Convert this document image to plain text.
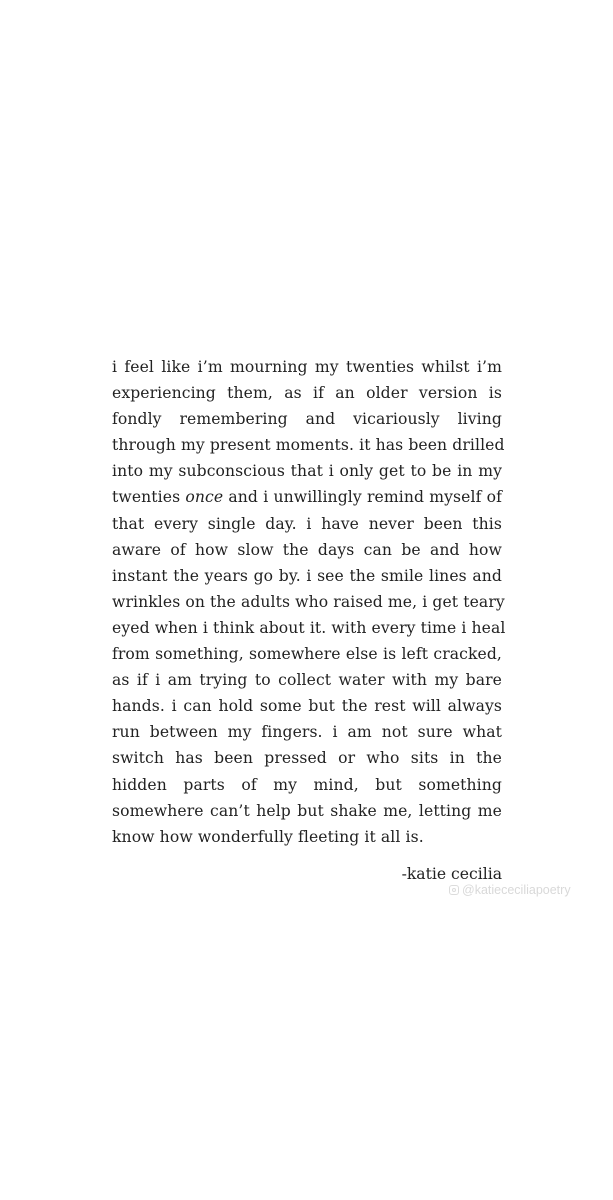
i feel like i’m mourning my twenties whilst i’m
experiencing them, as if an older version is
fondly remembering and vicariously living
through my present moments. it has been drilled
into my subconscious that i only get to be in my
twenties once and i unwillingly remind myself of
that every single day. i have never been this
aware of how slow the days can be and how
instant the years go by. i see the smile lines and
wrinkles on the adults who raised me, i get teary
eyed when i think about it. with every time i heal
from something, somewhere else is left cracked,
as if i am trying to collect water with my bare
hands. i can hold some but the rest will always
run between my fingers. i am not sure what
switch has been pressed or who sits in the
hidden parts of my mind, but something
somewhere can’t help but shake me, letting me
know how wonderfully fleeting it all is.
-katie cecilia
@katiececiliapoetry
